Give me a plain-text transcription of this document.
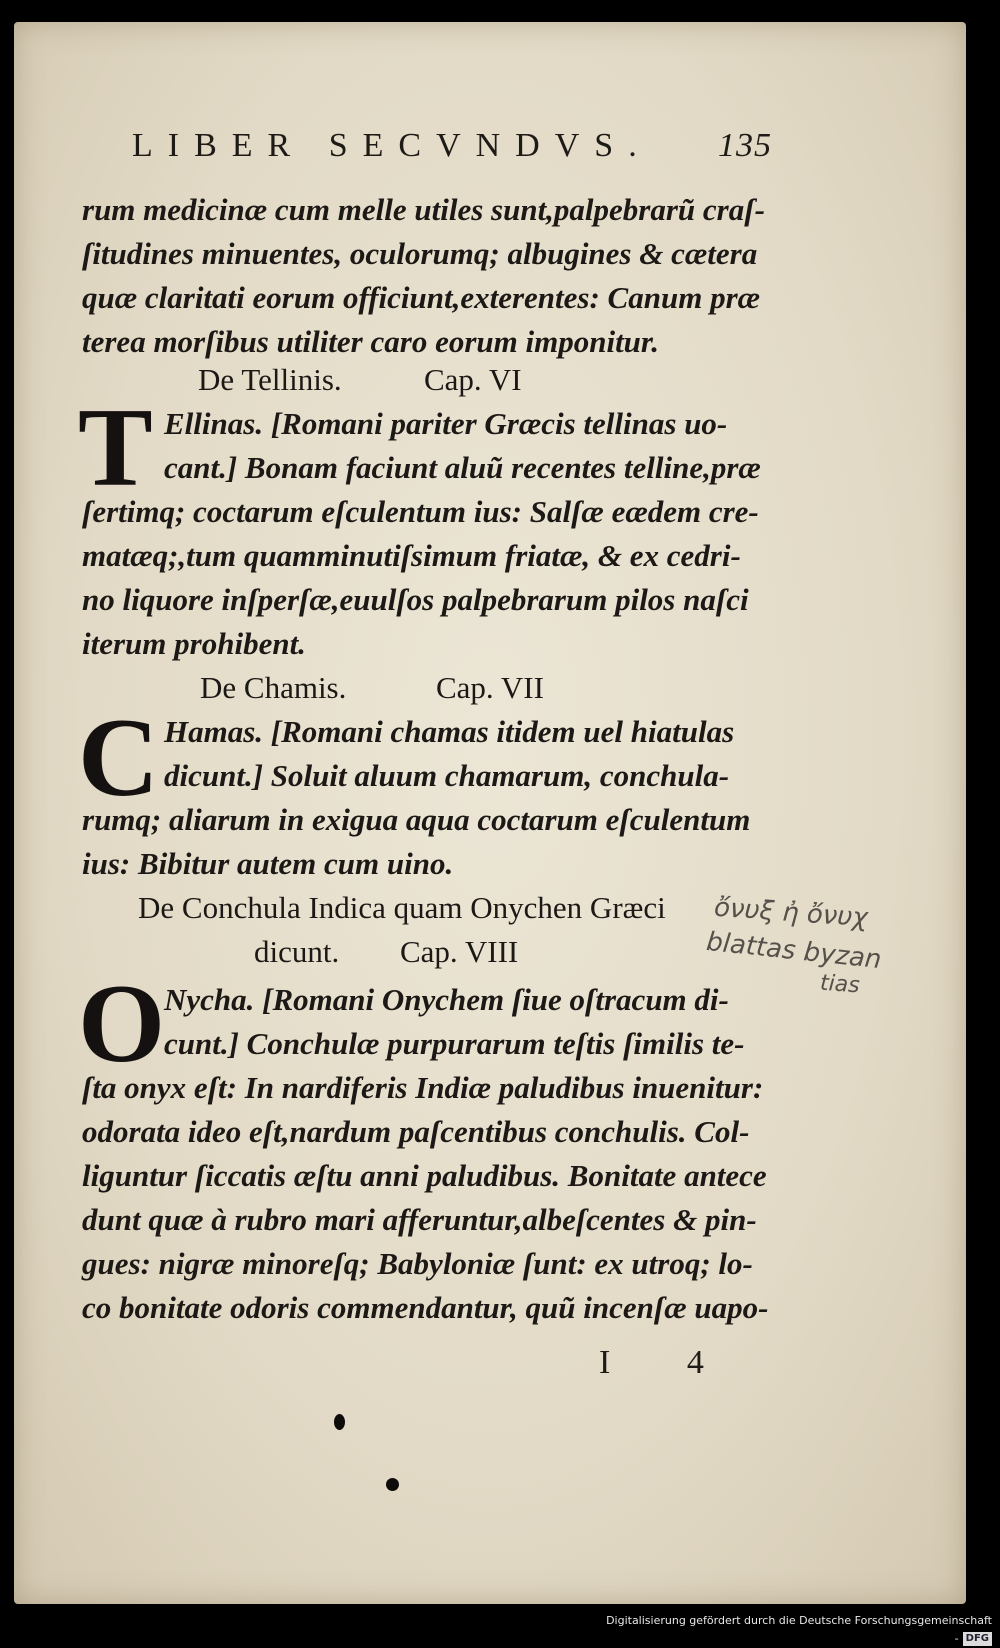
LIBER SECVNDVS. 135
rum medicinæ cum melle utiles sunt,palpebrarũ craſ-
ſitudines minuentes, oculorumq; albugines & cætera
quæ claritati eorum officiunt,exterentes: Canum præ
terea morſibus utiliter caro eorum imponitur.
De Tellinis.	Cap. VI
T Ellinas. [Romani pariter Græcis tellinas uo-
cant.] Bonam faciunt aluũ recentes telline,præ
ſertimq; coctarum eſculentum ius: Salſæ eædem cre-
matæq;,tum quamminutiſsimum friatæ, & ex cedri-
no liquore inſperſæ,euulſos palpebrarum pilos naſci
iterum prohibent.
De Chamis.	Cap. VII
C Hamas. [Romani chamas itidem uel hiatulas
dicunt.] Soluit aluum chamarum, conchula-
rumq; aliarum in exigua aqua coctarum eſculentum
ius: Bibitur autem cum uino.
De Conchula Indica quam Onychen Græci
dicunt. Cap. VIII
O
Nycha. [Romani Onychem ſiue oſtracum di-
cunt.] Conchulæ purpurarum teſtis ſimilis te-
ſta onyx eſt: In nardiferis Indiæ paludibus inuenitur:
odorata ideo eſt,nardum paſcentibus conchulis. Col-
liguntur ſiccatis æſtu anni paludibus. Bonitate antece
dunt quæ à rubro mari afferuntur,albeſcentes & pin-
gues: nigræ minoreſq; Babyloniæ ſunt: ex utroq; lo-
co bonitate odoris commendantur, quũ incenſæ uapo-
I 4
ὄνυξ ἠ ὄνυχ
blattas byzan
tias
Digitalisierung gefördert durch die Deutsche Forschungsgemeinschaft - DFG
